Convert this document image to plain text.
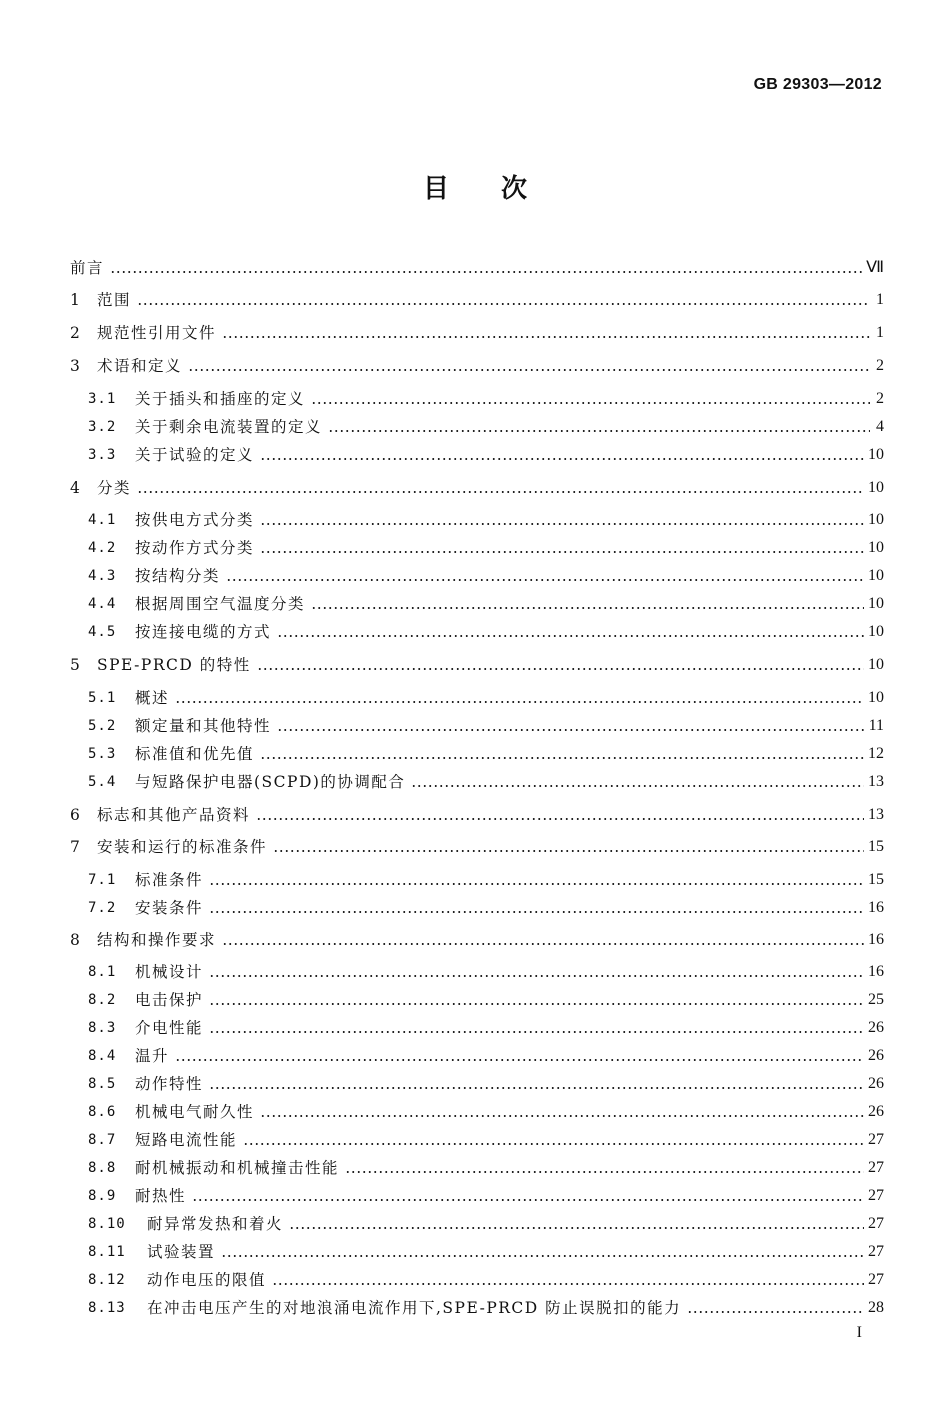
GB 29303—2012
目次
前言	Ⅶ
1	范围	1
2	规范性引用文件	1
3	术语和定义	2
3.1	关于插头和插座的定义	2
3.2	关于剩余电流装置的定义	4
3.3	关于试验的定义	10
4	分类	10
4.1	按供电方式分类	10
4.2	按动作方式分类	10
4.3	按结构分类	10
4.4	根据周围空气温度分类	10
4.5	按连接电缆的方式	10
5	SPE-PRCD 的特性	10
5.1	概述	10
5.2	额定量和其他特性	11
5.3	标准值和优先值	12
5.4	与短路保护电器(SCPD)的协调配合	13
6	标志和其他产品资料	13
7	安装和运行的标准条件	15
7.1	标准条件	15
7.2	安装条件	16
8	结构和操作要求	16
8.1	机械设计	16
8.2	电击保护	25
8.3	介电性能	26
8.4	温升	26
8.5	动作特性	26
8.6	机械电气耐久性	26
8.7	短路电流性能	27
8.8	耐机械振动和机械撞击性能	27
8.9	耐热性	27
8.10	耐异常发热和着火	27
8.11	试验装置	27
8.12	动作电压的限值	27
8.13	在冲击电压产生的对地浪涌电流作用下,SPE-PRCD 防止误脱扣的能力	28
I
